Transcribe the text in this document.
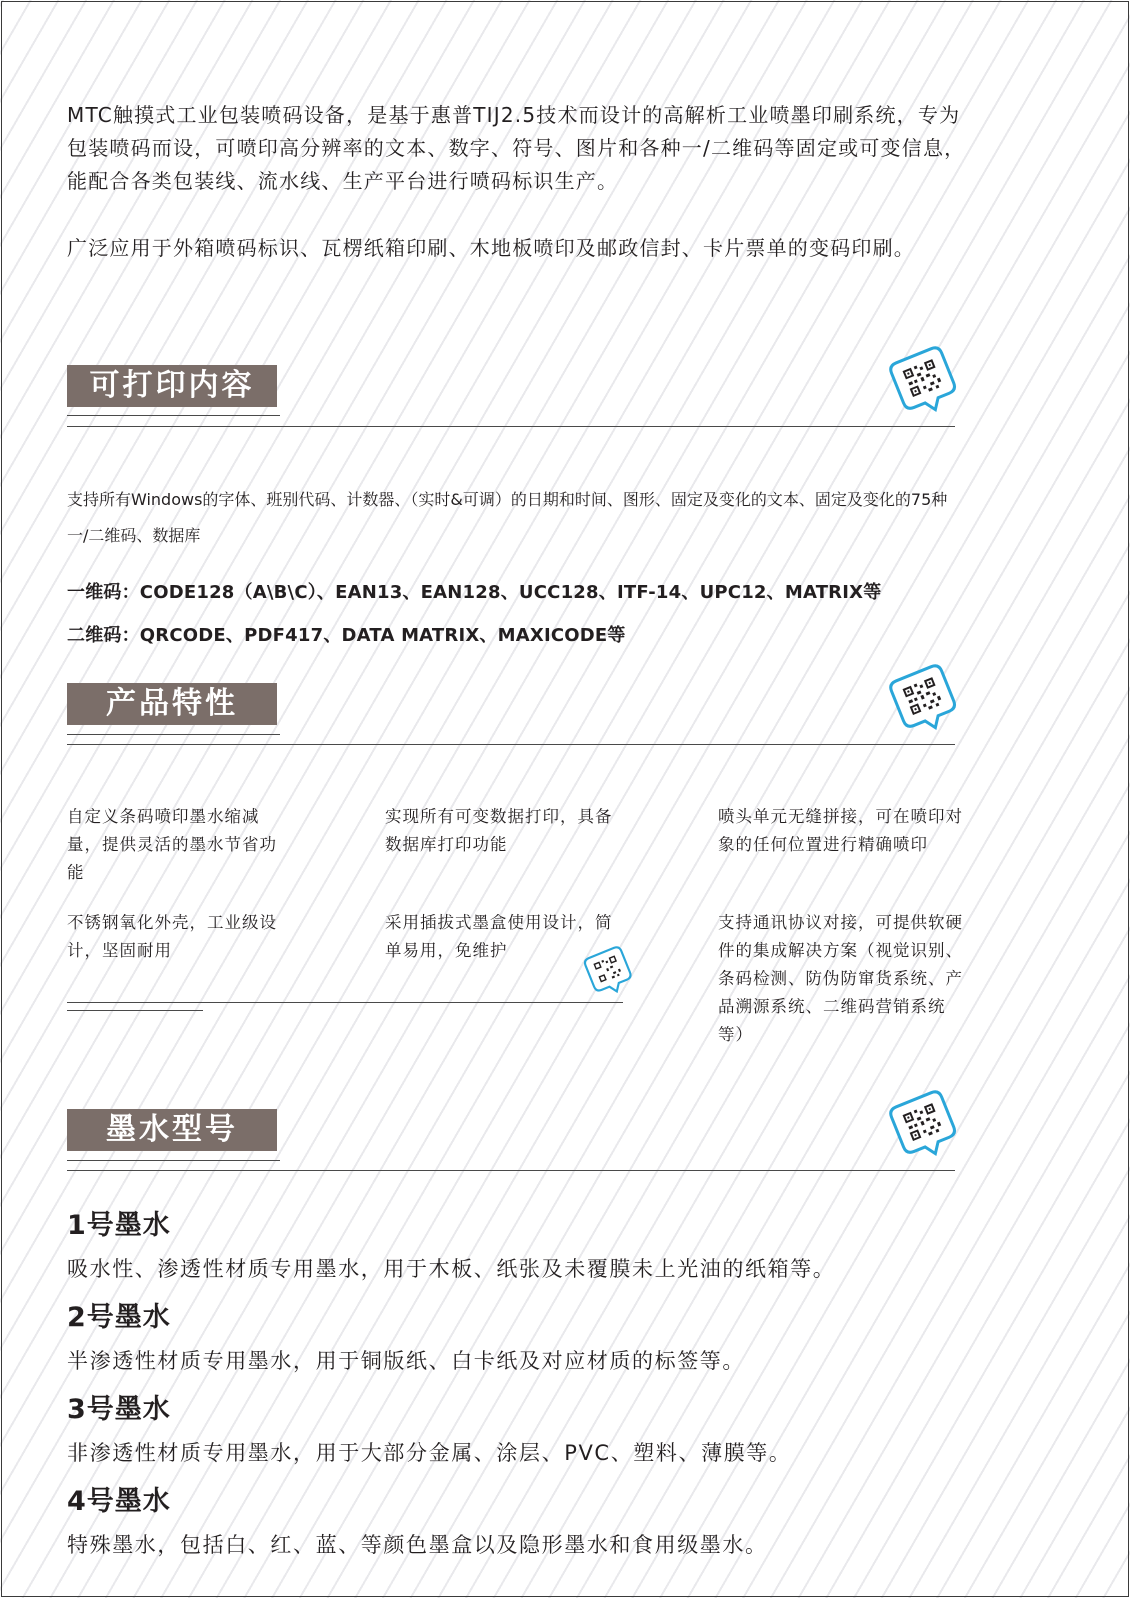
MTC触摸式工业包装喷码设备，是基于惠普TIJ2.5技术而设计的高解析工业喷墨印刷系统，专为包装喷码而设，可喷印高分辨率的文本、数字、符号、图片和各种一/二维码等固定或可变信息，能配合各类包装线、流水线、生产平台进行喷码标识生产。

广泛应用于外箱喷码标识、瓦楞纸箱印刷、木地板喷印及邮政信封、卡片票单的变码印刷。

可打印内容

支持所有Windows的字体、班别代码、计数器、（实时&可调）的日期和时间、图形、固定及变化的文本、固定及变化的75种一/二维码、数据库

一维码：CODE128（A\B\C）、EAN13、EAN128、UCC128、ITF-14、UPC12、MATRIX等
二维码：QRCODE、PDF417、DATA MATRIX、MAXICODE等
产品特性
自定义条码喷印墨水缩减量，提供灵活的墨水节省功能
实现所有可变数据打印，具备数据库打印功能
喷头单元无缝拼接，可在喷印对象的任何位置进行精确喷印
不锈钢氧化外壳，工业级设计，坚固耐用
采用插拔式墨盒使用设计，简单易用，免维护
支持通讯协议对接，可提供软硬件的集成解决方案（视觉识别、条码检测、防伪防窜货系统、产品溯源系统、二维码营销系统等）
墨水型号
1号墨水
吸水性、渗透性材质专用墨水，用于木板、纸张及未覆膜未上光油的纸箱等。
2号墨水
半渗透性材质专用墨水，用于铜版纸、白卡纸及对应材质的标签等。
3号墨水
非渗透性材质专用墨水，用于大部分金属、涂层、PVC、塑料、薄膜等。
4号墨水
特殊墨水，包括白、红、蓝、等颜色墨盒以及隐形墨水和食用级墨水。
